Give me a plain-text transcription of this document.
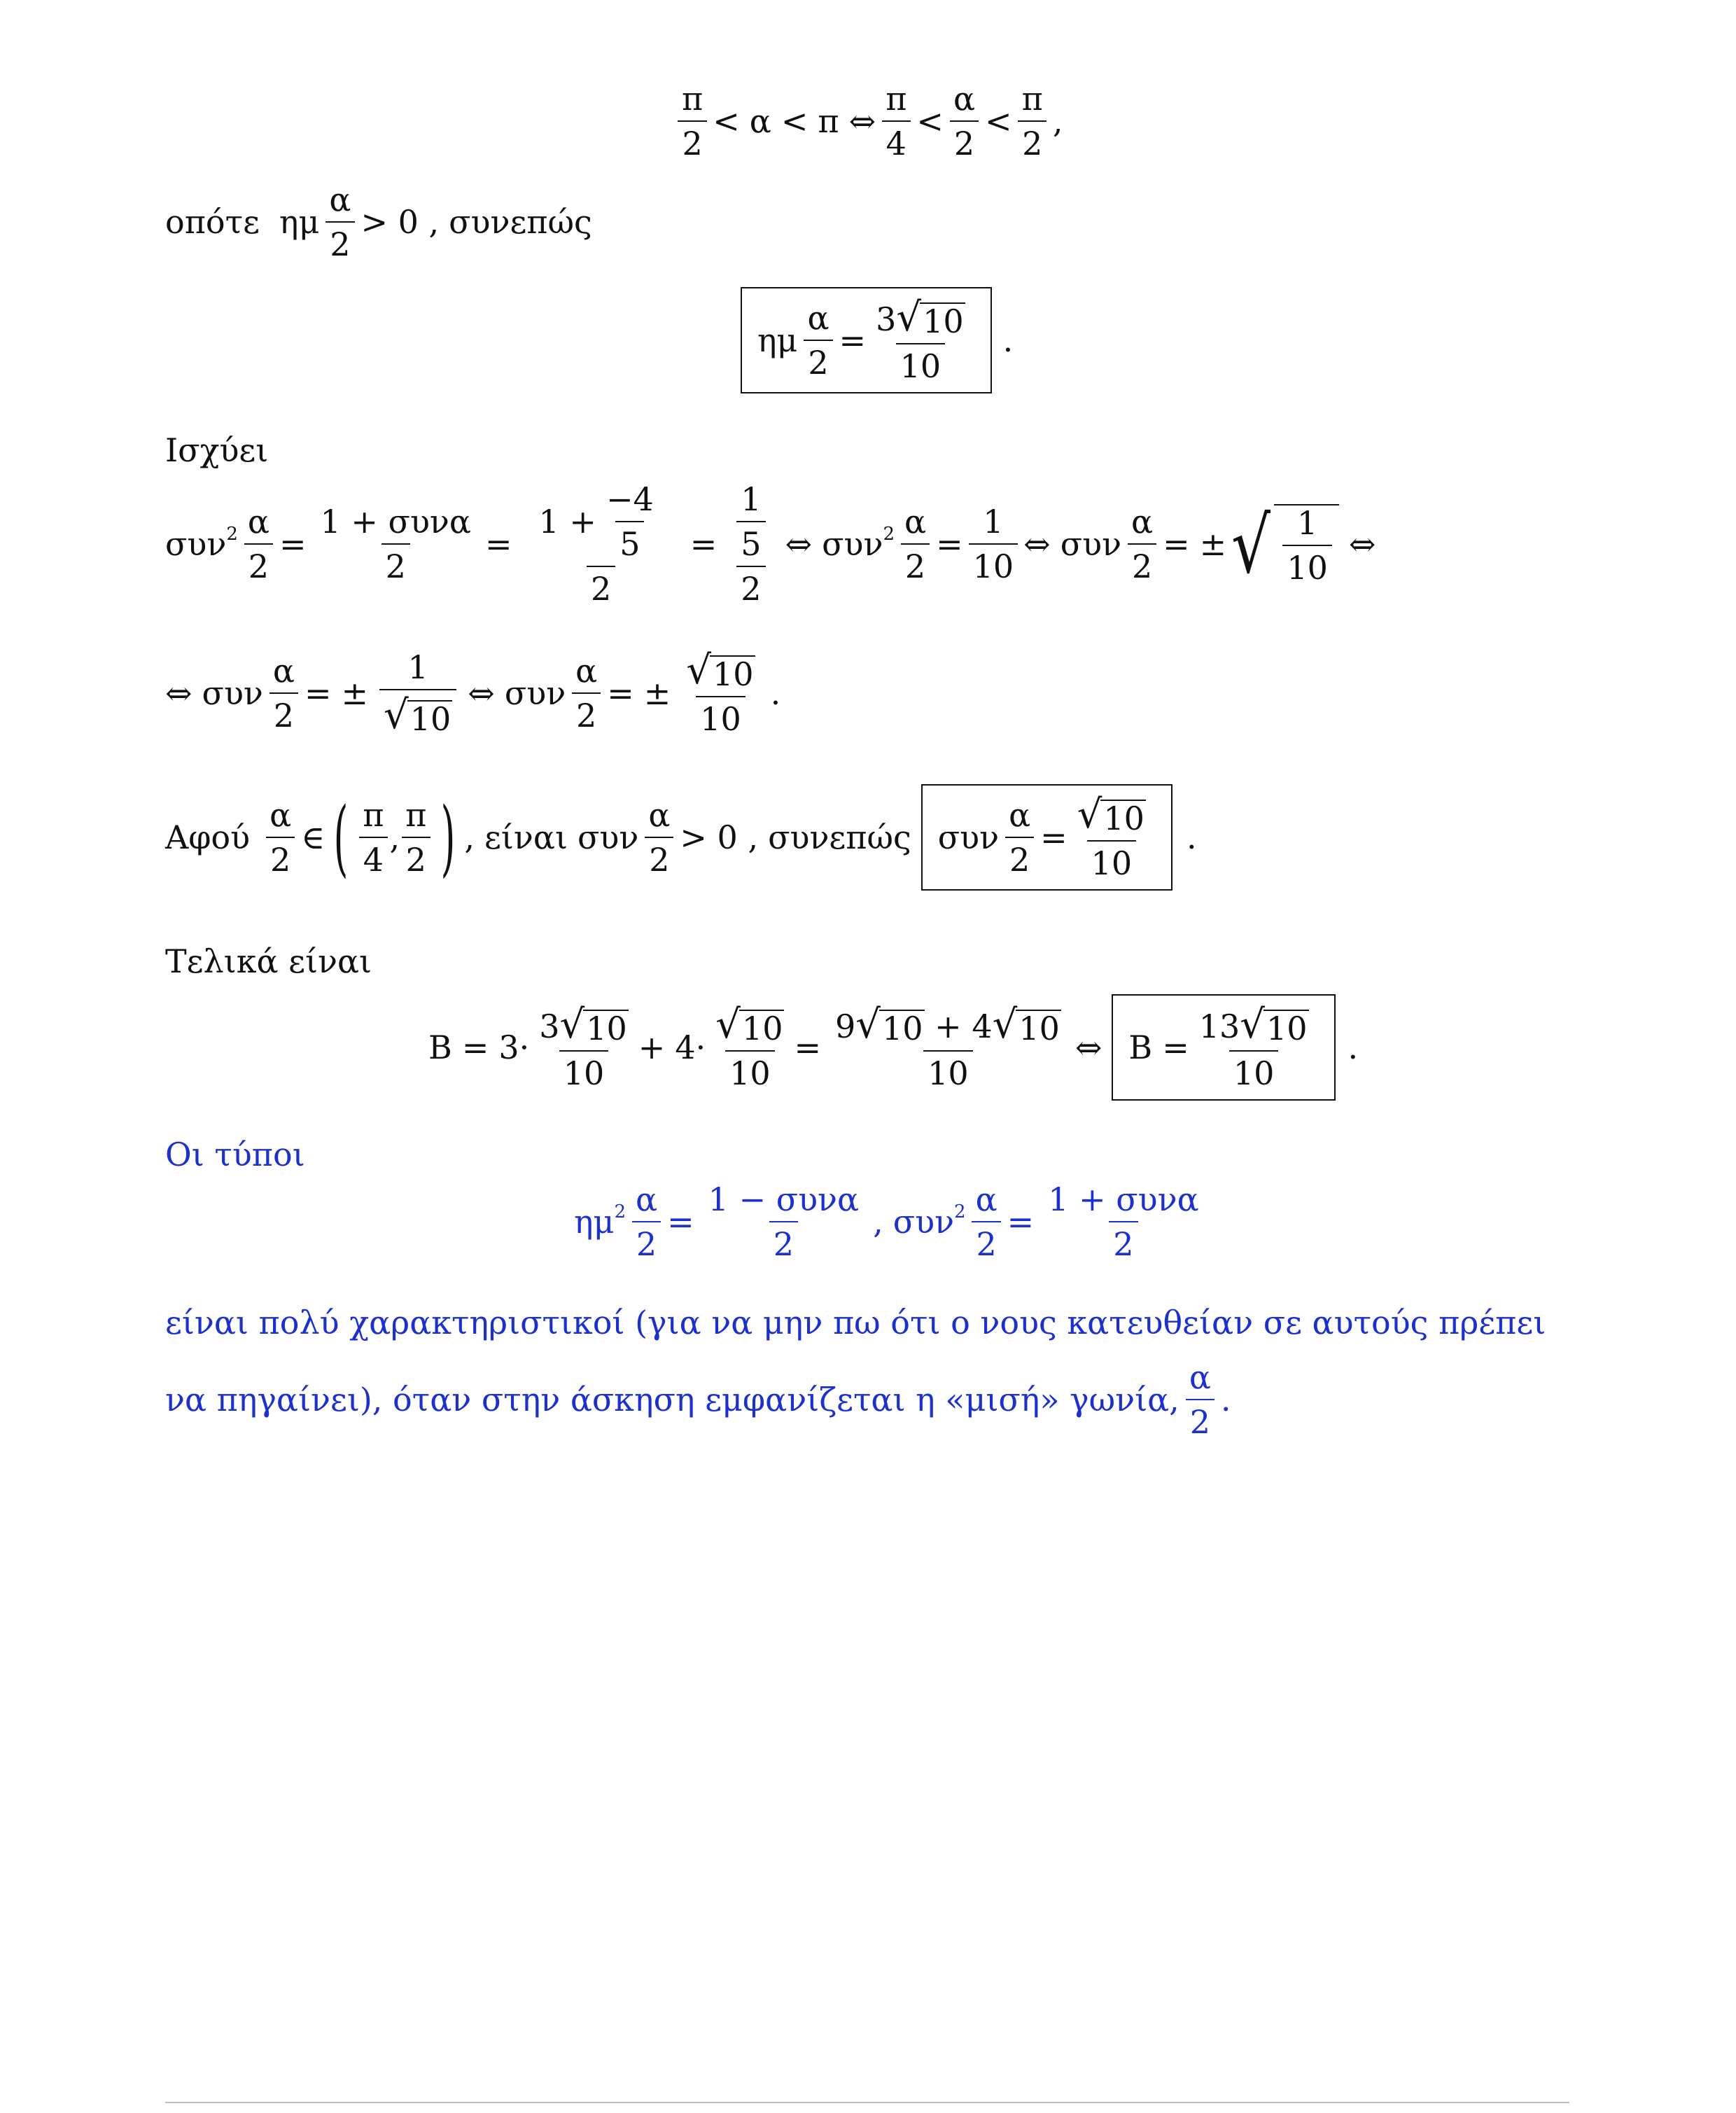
$\frac{\pi}{2} < \alpha < \pi$ ⇔ $\frac{\pi}{4} < \frac{\alpha}{2} < \frac{\pi}{2}$ ,
οπότε ημ $\frac{\alpha}{2} > 0$ , συνεπώς
ημ $\frac{\alpha}{2} = \frac{3 √ 10}{10}$ .
Ισχύει
$\sigma\upsilon\nu^2 \frac{\alpha}{2} = \frac{\text{1 + συνα}}{2} = \frac{1 + \frac{-4}{5}}{2} = \frac{\frac{1}{5}}{2}$ ⇔ $\sigma\upsilon\nu^2 \frac{\alpha}{2} = \frac{1}{10}$ ⇔ συν $\frac{\alpha}{2}$ = ± √ $\frac{1}{10}$ ⇔
⇔ συν $\frac{\alpha}{2}$ = ± $\frac{1}{√ 10}$ ⇔ συν $\frac{\alpha}{2}$ = ± $\frac{√ 10}{10}$ .
Αφού $\frac{\alpha}{2}$ ∈ ( $\frac{\pi}{4}$ , $\frac{\pi}{2}$ ) , είναι συν $\frac{\alpha}{2} > 0$ , συνεπώς συν $\frac{\alpha}{2} = \frac{√ 10}{10}$ .
Τελικά είναι
$B = 3 \cdot \frac{3 √ 10}{10} + 4 \cdot \frac{√ 10}{10} = \frac{9 √ 10 + 4 √ 10}{10}$ ⇔ $B = \frac{13 √ 10}{10}$ .
Οι τύποι
$\eta\mu^2 \frac{\alpha}{2} = \frac{\text{1 − συνα}}{2}$ , $\sigma\upsilon\nu^2 \frac{\alpha}{2} = \frac{\text{1 + συνα}}{2}$
είναι πολύ χαρακτηριστικοί (για να μην πω ότι ο νους κατευθείαν σε αυτούς πρέπει
να πηγαίνει), όταν στην άσκηση εμφανίζεται η «μισή» γωνία, $\frac{\alpha}{2}$ .
